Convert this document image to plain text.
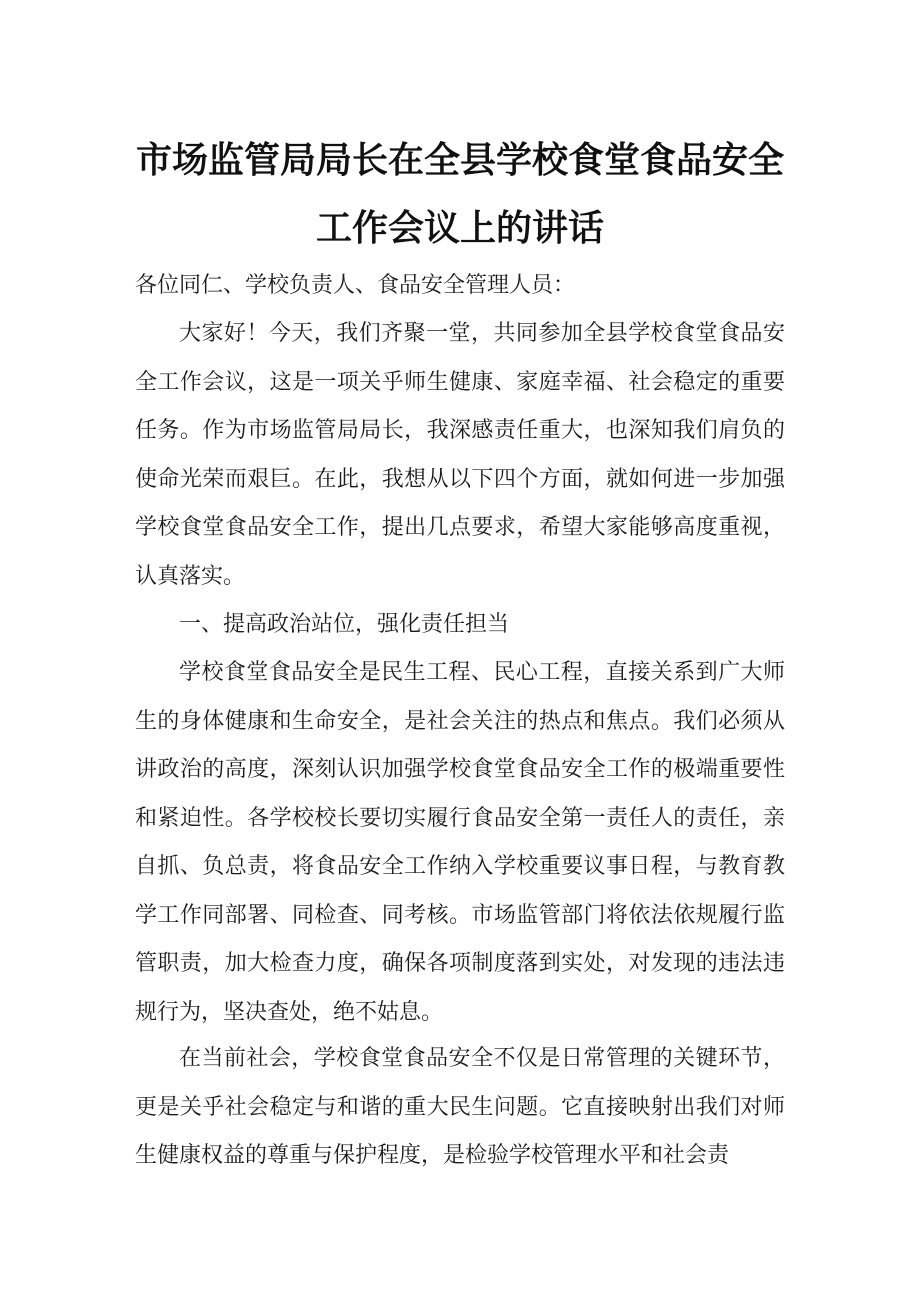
市场监管局局长在全县学校食堂食品安全
工作会议上的讲话

各位同仁、学校负责人、食品安全管理人员：

大家好！今天，我们齐聚一堂，共同参加全县学校食堂食品安全工作会议，这是一项关乎师生健康、家庭幸福、社会稳定的重要任务。作为市场监管局局长，我深感责任重大，也深知我们肩负的使命光荣而艰巨。在此，我想从以下四个方面，就如何进一步加强学校食堂食品安全工作，提出几点要求，希望大家能够高度重视，认真落实。

一、提高政治站位，强化责任担当

学校食堂食品安全是民生工程、民心工程，直接关系到广大师生的身体健康和生命安全，是社会关注的热点和焦点。我们必须从讲政治的高度，深刻认识加强学校食堂食品安全工作的极端重要性和紧迫性。各学校校长要切实履行食品安全第一责任人的责任，亲自抓、负总责，将食品安全工作纳入学校重要议事日程，与教育教学工作同部署、同检查、同考核。市场监管部门将依法依规履行监管职责，加大检查力度，确保各项制度落到实处，对发现的违法违规行为，坚决查处，绝不姑息。

在当前社会，学校食堂食品安全不仅是日常管理的关键环节，更是关乎社会稳定与和谐的重大民生问题。它直接映射出我们对师生健康权益的尊重与保护程度，是检验学校管理水平和社会责
